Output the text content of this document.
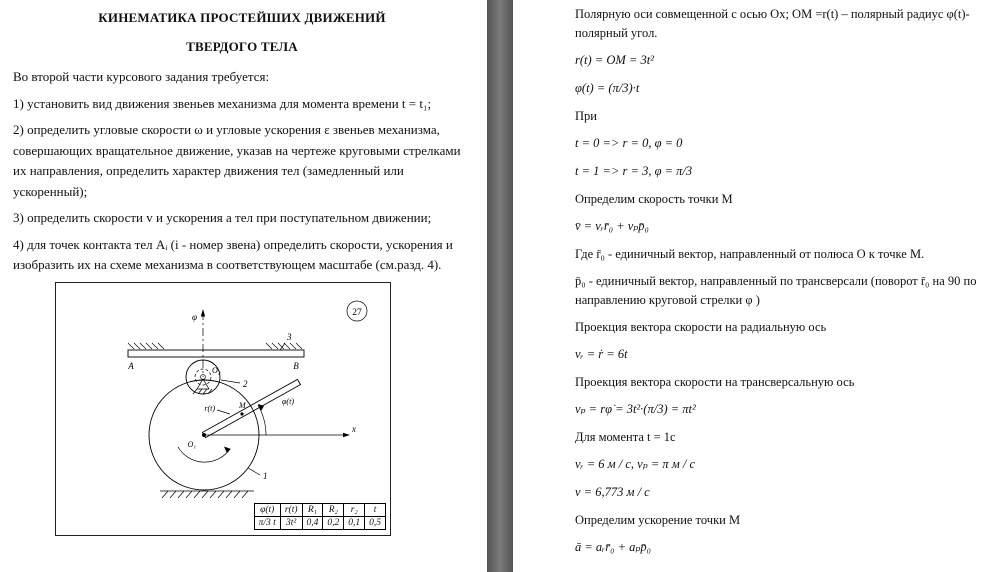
КИНЕМАТИКА ПРОСТЕЙШИХ ДВИЖЕНИЙ
ТВЕРДОГО ТЕЛА

Во второй части курсового задания требуется:

1) установить вид движения звеньев механизма для момента времени t = t₁;

2) определить угловые скорости ω и угловые ускорения ε звеньев механизма, совершающих вращательное движение, указав на чертеже круговыми стрелками их направления, определить характер движения тел (замедленный или ускоренный);

3) определить скорости v и ускорения а тел при поступательном движении;

4) для точек контакта тел Аᵢ (i - номер звена) определить скорости, ускорения и изобразить их на схеме механизма в соответствующем масштабе (см.разд. 4).

27
φ
A	B
3
1
O₂
2
x
O₁
M
r(t)
φ(t)
φ(t)	r(t)	R₁	R₂	r₂	t
π/3 t	3t²	0,4	0,2	0,1	0,5

Полярную оси совмещенной с осью Ox; ОМ =r(t) – полярный радиус φ(t)- полярный угол.

r(t) = OM = 3t²

φ(t) = (π/3)·t

При

t = 0 => r = 0, φ = 0

t = 1 => r = 3, φ = π/3

Определим скорость точки М

v̄ = vᵣr̄₀ + vₚp̄₀

Где r̄₀ - единичный вектор, направленный от полюса О к точке М.

p̄₀ - единичный вектор, направленный по трансверсали (поворот r̄₀ на 90 по направлению круговой стрелки φ )

Проекция вектора скорости на радиальную ось

vᵣ = ṙ = 6t

Проекция вектора скорости на трансверсальную ось

vₚ = rφ̇ = 3t²·(π/3) = πt²

Для момента t = 1с

vᵣ = 6 м / с, vₚ = π м / с

v = 6,773 м / с

Определим ускорение точки М

ā = aᵣr̄₀ + aₚp̄₀
